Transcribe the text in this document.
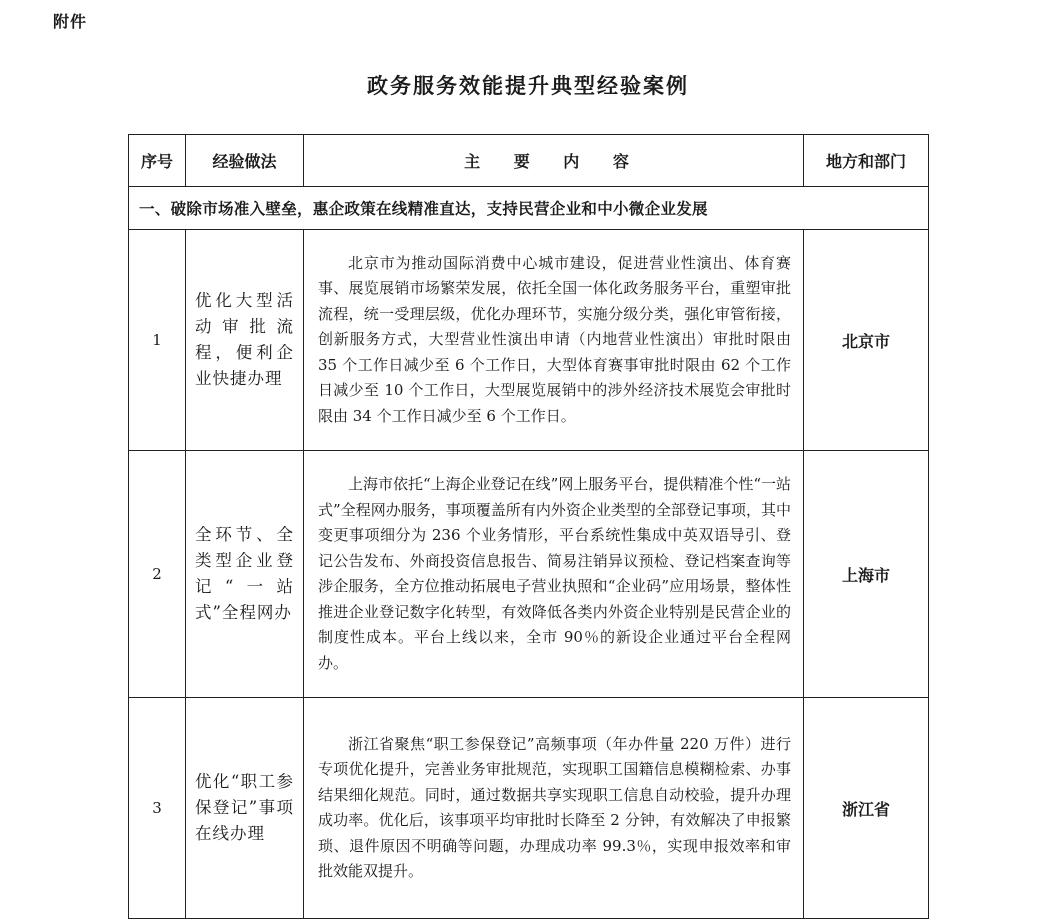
附件
政务服务效能提升典型经验案例
序号	经验做法	主 要 内 容	地方和部门
一、破除市场准入壁垒，惠企政策在线精准直达，支持民营企业和中小微企业发展			
1	优化大型活动审批流程，便利企业快捷办理	北京市为推动国际消费中心城市建设，促进营业性演出、体育赛事、展览展销市场繁荣发展，依托全国一体化政务服务平台，重塑审批流程，统一受理层级，优化办理环节，实施分级分类，强化审管衔接，创新服务方式，大型营业性演出申请（内地营业性演出）审批时限由 35 个工作日减少至 6 个工作日，大型体育赛事审批时限由 62 个工作日减少至 10 个工作日，大型展览展销中的涉外经济技术展览会审批时限由 34 个工作日减少至 6 个工作日。	北京市
2	全环节、全类型企业登记“一站式”全程网办	上海市依托“上海企业登记在线”网上服务平台，提供精准个性“一站式”全程网办服务，事项覆盖所有内外资企业类型的全部登记事项，其中变更事项细分为 236 个业务情形，平台系统性集成中英双语导引、登记公告发布、外商投资信息报告、简易注销异议预检、登记档案查询等涉企服务，全方位推动拓展电子营业执照和“企业码”应用场景，整体性推进企业登记数字化转型，有效降低各类内外资企业特别是民营企业的制度性成本。平台上线以来，全市 90％的新设企业通过平台全程网办。	上海市
3	优化“职工参保登记”事项在线办理	浙江省聚焦“职工参保登记”高频事项（年办件量 220 万件）进行专项优化提升，完善业务审批规范，实现职工国籍信息模糊检索、办事结果细化规范。同时，通过数据共享实现职工信息自动校验，提升办理成功率。优化后，该事项平均审批时长降至 2 分钟，有效解决了申报繁琐、退件原因不明确等问题，办理成功率 99.3％，实现申报效率和审批效能双提升。	浙江省
